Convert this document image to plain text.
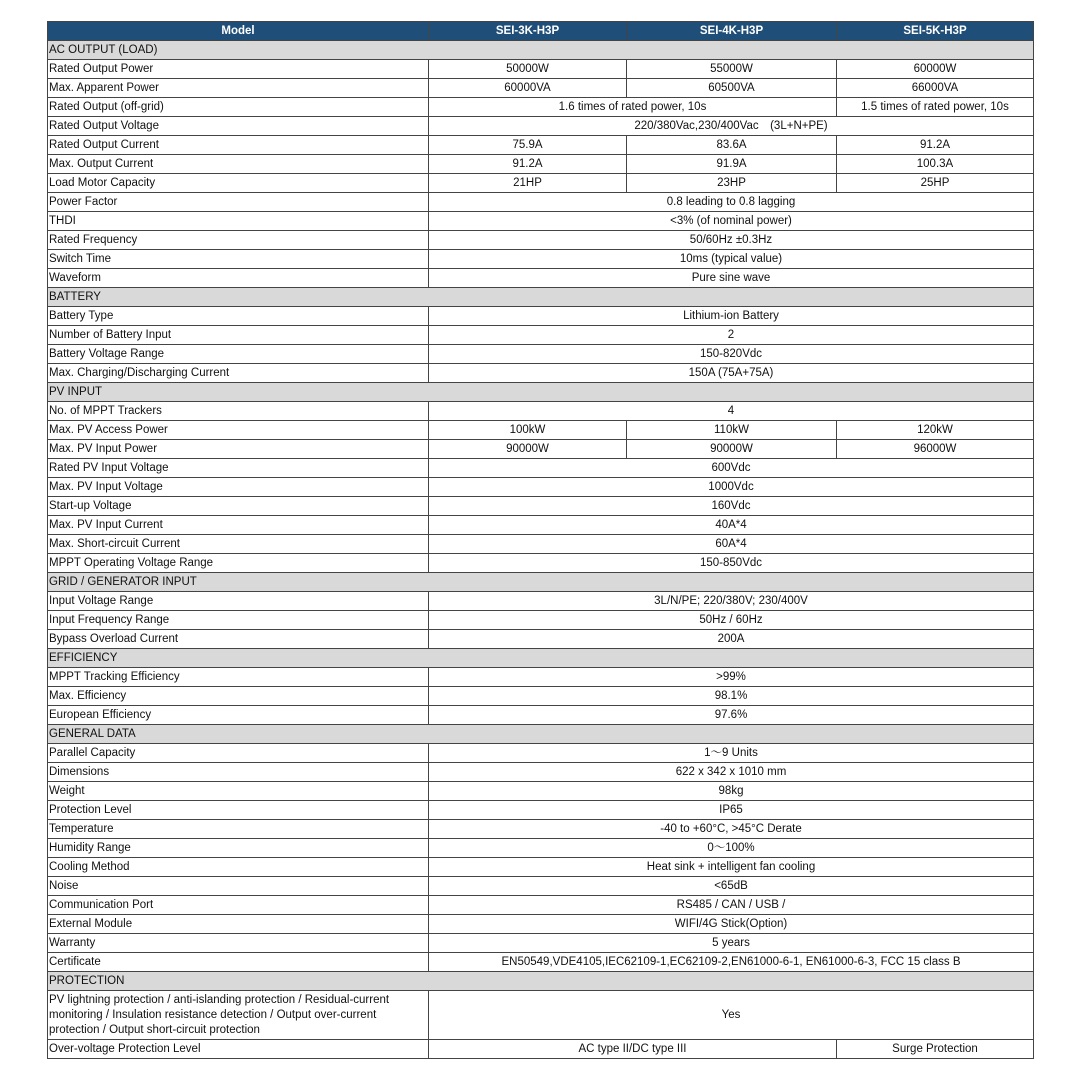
Model	SEI-3K-H3P	SEI-4K-H3P	SEI-5K-H3P
AC OUTPUT (LOAD)			
Rated Output Power	50000W	55000W	60000W
Max. Apparent Power	60000VA	60500VA	66000VA
Rated Output (off-grid)	1.6 times of rated power, 10s		1.5 times of rated power, 10s
Rated Output Voltage	220/380Vac,230/400Vac　(3L+N+PE)		
Rated Output Current	75.9A	83.6A	91.2A
Max. Output Current	91.2A	91.9A	100.3A
Load Motor Capacity	21HP	23HP	25HP
Power Factor	0.8 leading to 0.8 lagging		
THDI	<3% (of nominal power)		
Rated Frequency	50/60Hz ±0.3Hz		
Switch Time	10ms (typical value)		
Waveform	Pure sine wave		
BATTERY			
Battery Type	Lithium-ion Battery		
Number of Battery Input	2		
Battery Voltage Range	150-820Vdc		
Max. Charging/Discharging Current	150A (75A+75A)		
PV INPUT			
No. of MPPT Trackers	4		
Max. PV Access Power	100kW	110kW	120kW
Max. PV Input Power	90000W	90000W	96000W
Rated PV Input Voltage	600Vdc		
Max. PV Input Voltage	1000Vdc		
Start-up Voltage	160Vdc		
Max. PV Input Current	40A*4		
Max. Short-circuit Current	60A*4		
MPPT Operating Voltage Range	150-850Vdc		
GRID / GENERATOR INPUT			
Input Voltage Range	3L/N/PE; 220/380V; 230/400V		
Input Frequency Range	50Hz / 60Hz		
Bypass Overload Current	200A		
EFFICIENCY			
MPPT Tracking Efficiency	>99%		
Max. Efficiency	98.1%		
European Efficiency	97.6%		
GENERAL DATA			
Parallel Capacity	1〜9 Units		
Dimensions	622 x 342 x 1010 mm		
Weight	98kg		
Protection Level	IP65		
Temperature	-40 to +60°C, >45°C Derate		
Humidity Range	0〜100%		
Cooling Method	Heat sink + intelligent fan cooling		
Noise	<65dB		
Communication Port	RS485 / CAN / USB /		
External Module	WIFI/4G Stick(Option)		
Warranty	5 years		
Certificate	EN50549,VDE4105,IEC62109-1,EC62109-2,EN61000-6-1, EN61000-6-3, FCC 15 class B		
PROTECTION			
PV lightning protection / anti-islanding protection / Residual-current monitoring / Insulation resistance detection / Output over-current protection / Output short-circuit protection	Yes		
Over-voltage Protection Level	AC type II/DC type III		Surge Protection
